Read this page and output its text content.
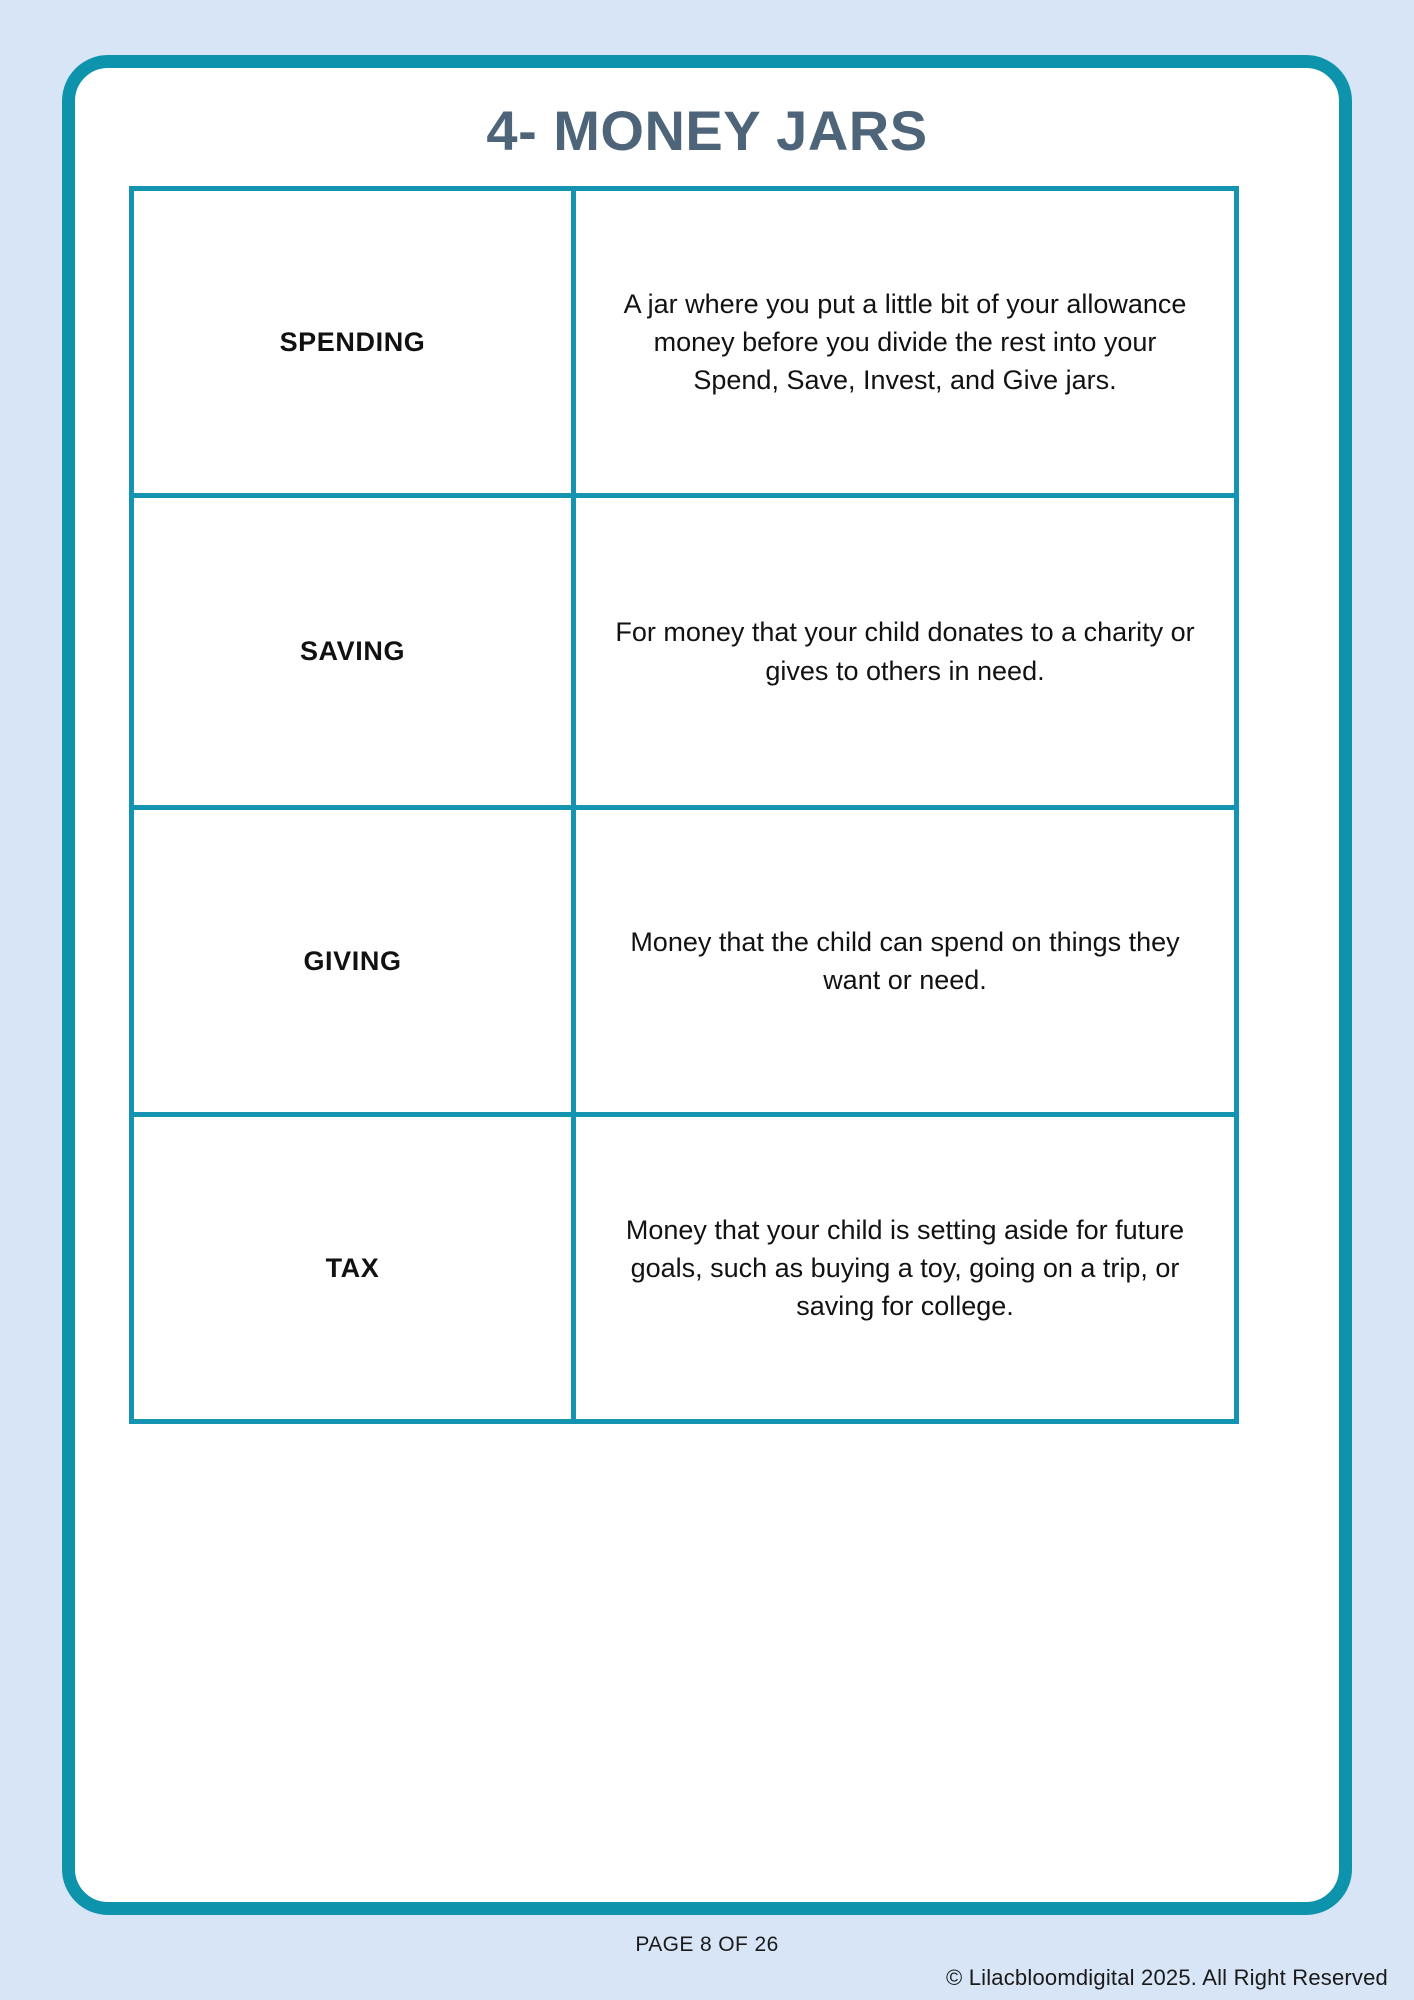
4- MONEY JARS
SPENDING	A jar where you put a little bit of your allowance money before you divide the rest into your Spend, Save, Invest, and Give jars.
SAVING	For money that your child donates to a charity or gives to others in need.
GIVING	Money that the child can spend on things they want or need.
TAX	Money that your child is setting aside for future goals, such as buying a toy, going on a trip, or saving for college.
PAGE 8 OF 26
© Lilacbloomdigital 2025. All Right Reserved
